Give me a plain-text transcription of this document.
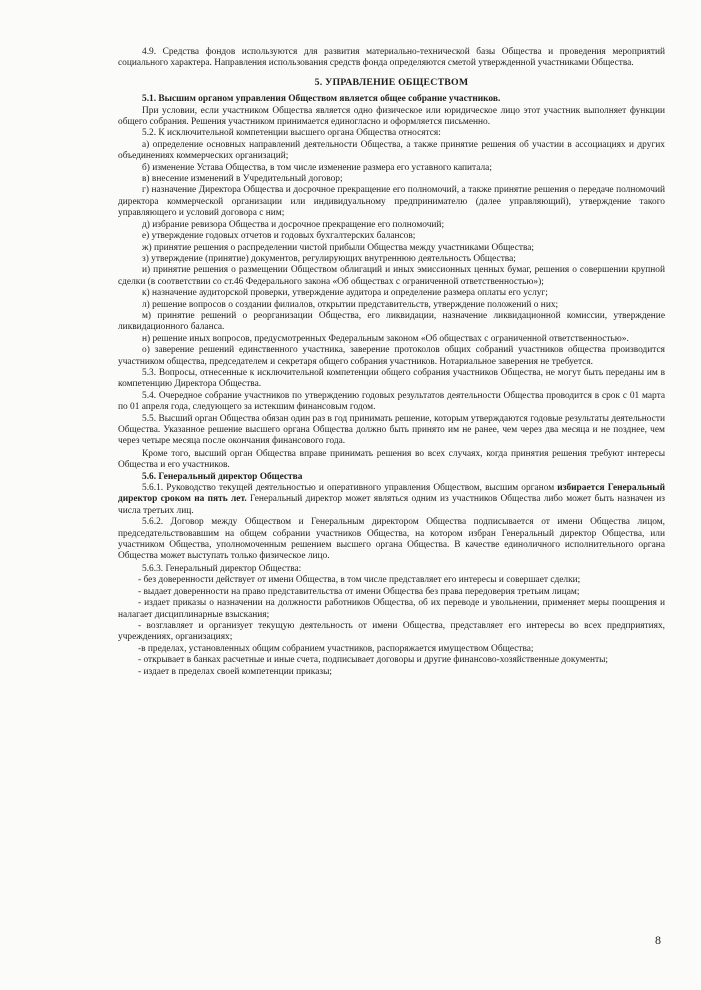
4.9. Средства фондов используются для развития материально-технической базы Общества и проведения мероприятий социального характера. Направления использования средств фонда определяются сметой утвержденной участниками Общества.

5. УПРАВЛЕНИЕ ОБЩЕСТВОМ

5.1. Высшим органом управления Обществом является общее собрание участников.

При условии, если участником Общества является одно физическое или юридическое лицо этот участник выполняет функции общего собрания. Решения участником принимается единогласно и оформляется письменно.

5.2. К исключительной компетенции высшего органа Общества относятся:

а) определение основных направлений деятельности Общества, а также принятие решения об участии в ассоциациях и других объединениях коммерческих организаций;

б) изменение Устава Общества, в том числе изменение размера его уставного капитала;

в) внесение изменений в Учредительный договор;

г) назначение Директора Общества и досрочное прекращение его полномочий, а также принятие решения о передаче полномочий директора коммерческой организации или индивидуальному предпринимателю (далее управляющий), утверждение такого управляющего и условий договора с ним;

д) избрание ревизора Общества и досрочное прекращение его полномочий;

е) утверждение годовых отчетов и годовых бухгалтерских балансов;

ж) принятие решения о распределении чистой прибыли Общества между участниками Общества;

з) утверждение (принятие) документов, регулирующих внутреннюю деятельность Общества;

и) принятие решения о размещении Обществом облигаций и иных эмиссионных ценных бумаг, решения о совершении крупной сделки (в соответствии со ст.46 Федерального закона «Об обществах с ограниченной ответственностью»);

к) назначение аудиторской проверки, утверждение аудитора и определение размера оплаты его услуг;

л) решение вопросов о создании филиалов, открытии представительств, утверждение положений о них;

м) принятие решений о реорганизации Общества, его ликвидации, назначение ликвидационной комиссии, утверждение ликвидационного баланса.

н) решение иных вопросов, предусмотренных Федеральным законом «Об обществах с ограниченной ответственностью».

о) заверение решений единственного участника, заверение протоколов общих собраний участников общества производится участником общества, председателем и секретаря общего собрания участников. Нотариальное заверения не требуется.

5.3. Вопросы, отнесенные к исключительной компетенции общего собрания участников Общества, не могут быть переданы им в компетенцию Директора Общества.

5.4. Очередное собрание участников по утверждению годовых результатов деятельности Общества проводится в срок с 01 марта по 01 апреля года, следующего за истекшим финансовым годом.

5.5. Высший орган Общества обязан один раз в год принимать решение, которым утверждаются годовые результаты деятельности Общества. Указанное решение высшего органа Общества должно быть принято им не ранее, чем через два месяца и не позднее, чем через четыре месяца после окончания финансового года.

Кроме того, высший орган Общества вправе принимать решения во всех случаях, когда принятия решения требуют интересы Общества и его участников.

5.6. Генеральный директор Общества

5.6.1. Руководство текущей деятельностью и оперативного управления Обществом, высшим органом избирается Генеральный директор сроком на пять лет. Генеральный директор может являться одним из участников Общества либо может быть назначен из числа третьих лиц.

5.6.2. Договор между Обществом и Генеральным директором Общества подписывается от имени Общества лицом, председательствовавшим на общем собрании участников Общества, на котором избран Генеральный директор Общества, или участником Общества, уполномоченным решением высшего органа Общества. В качестве единоличного исполнительного органа Общества может выступать только физическое лицо.

5.6.3. Генеральный директор Общества:

- без доверенности действует от имени Общества, в том числе представляет его интересы и совершает сделки;

- выдает доверенности на право представительства от имени Общества без права передоверия третьим лицам;

- издает приказы о назначении на должности работников Общества, об их переводе и увольнении, применяет меры поощрения и налагает дисциплинарные взыскания;

- возглавляет и организует текущую деятельность от имени Общества, представляет его интересы во всех предприятиях, учреждениях, организациях;

-в пределах, установленных общим собранием участников, распоряжается имуществом Общества;

- открывает в банках расчетные и иные счета, подписывает договоры и другие финансово-хозяйственные документы;

- издает в пределах своей компетенции приказы;

8
